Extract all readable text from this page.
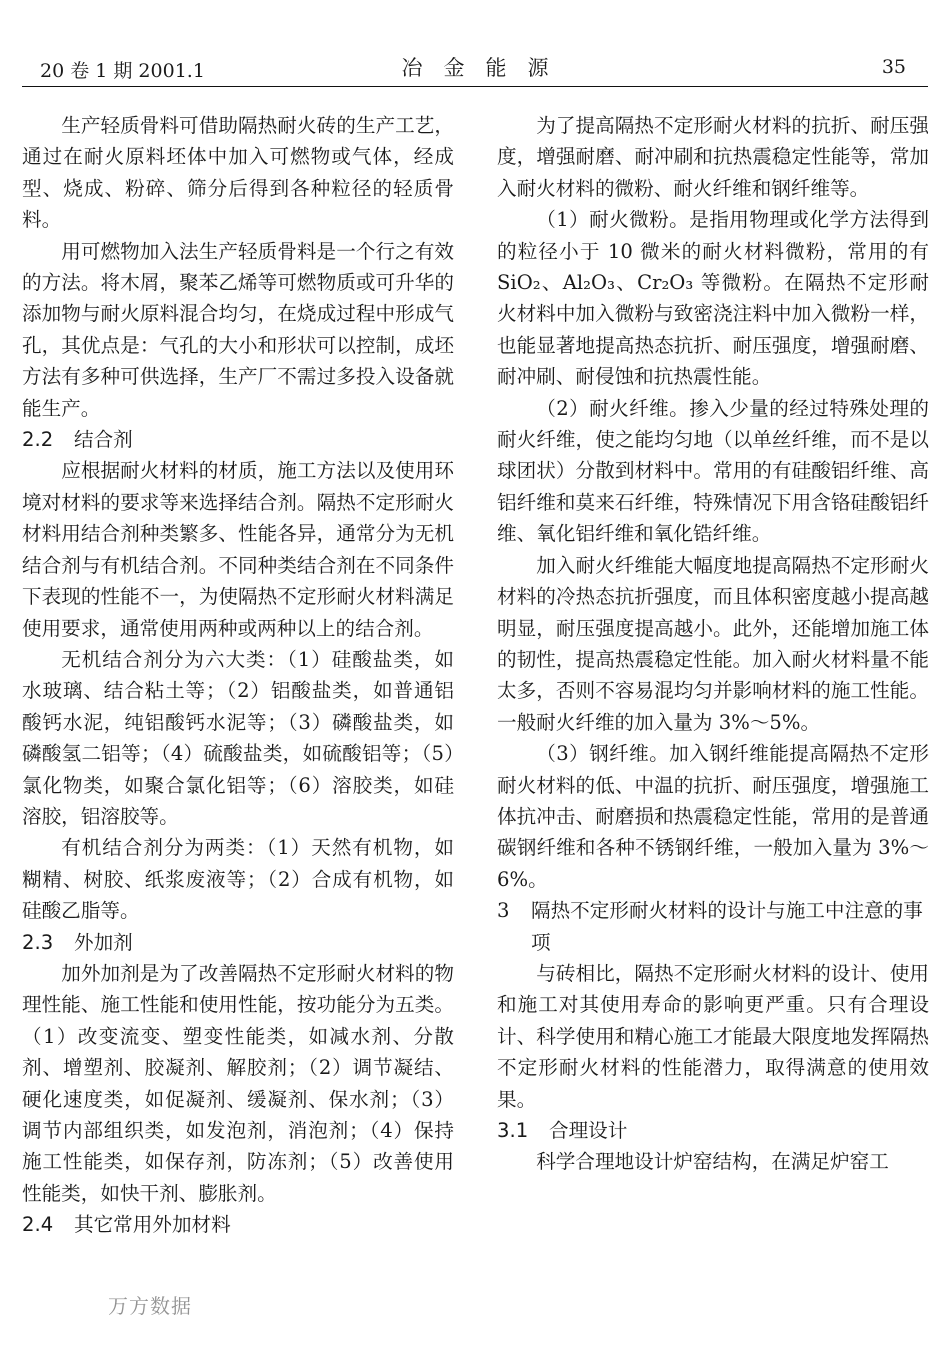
20 卷 1 期 2001.1	冶　金　能　源	35
生产轻质骨料可借助隔热耐火砖的生产工艺，通过在耐火原料坯体中加入可燃物或气体，经成型、烧成、粉碎、筛分后得到各种粒径的轻质骨料。
用可燃物加入法生产轻质骨料是一个行之有效的方法。将木屑，聚苯乙烯等可燃物质或可升华的添加物与耐火原料混合均匀，在烧成过程中形成气孔，其优点是：气孔的大小和形状可以控制，成坯方法有多种可供选择，生产厂不需过多投入设备就能生产。
2.2 结合剂
应根据耐火材料的材质，施工方法以及使用环境对材料的要求等来选择结合剂。隔热不定形耐火材料用结合剂种类繁多、性能各异，通常分为无机结合剂与有机结合剂。不同种类结合剂在不同条件下表现的性能不一，为使隔热不定形耐火材料满足使用要求，通常使用两种或两种以上的结合剂。
无机结合剂分为六大类：（1）硅酸盐类，如水玻璃、结合粘土等；（2）铝酸盐类，如普通铝酸钙水泥，纯铝酸钙水泥等；（3）磷酸盐类，如磷酸氢二铝等；（4）硫酸盐类，如硫酸铝等；（5）氯化物类，如聚合氯化铝等；（6）溶胶类，如硅溶胶，铝溶胶等。
有机结合剂分为两类：（1）天然有机物，如糊精、树胶、纸浆废液等；（2）合成有机物，如硅酸乙脂等。
2.3 外加剂
加外加剂是为了改善隔热不定形耐火材料的物理性能、施工性能和使用性能，按功能分为五类。（1）改变流变、塑变性能类，如减水剂、分散剂、增塑剂、胶凝剂、解胶剂；（2）调节凝结、硬化速度类，如促凝剂、缓凝剂、保水剂；（3）调节内部组织类，如发泡剂，消泡剂；（4）保持施工性能类，如保存剂，防冻剂；（5）改善使用性能类，如快干剂、膨胀剂。
2.4 其它常用外加材料
为了提高隔热不定形耐火材料的抗折、耐压强度，增强耐磨、耐冲刷和抗热震稳定性能等，常加入耐火材料的微粉、耐火纤维和钢纤维等。
（1）耐火微粉。是指用物理或化学方法得到的粒径小于 10 微米的耐火材料微粉，常用的有 SiO₂、Al₂O₃、Cr₂O₃ 等微粉。在隔热不定形耐火材料中加入微粉与致密浇注料中加入微粉一样，也能显著地提高热态抗折、耐压强度，增强耐磨、耐冲刷、耐侵蚀和抗热震性能。
（2）耐火纤维。掺入少量的经过特殊处理的耐火纤维，使之能均匀地（以单丝纤维，而不是以球团状）分散到材料中。常用的有硅酸铝纤维、高铝纤维和莫来石纤维，特殊情况下用含铬硅酸铝纤维、氧化铝纤维和氧化锆纤维。
加入耐火纤维能大幅度地提高隔热不定形耐火材料的冷热态抗折强度，而且体积密度越小提高越明显，耐压强度提高越小。此外，还能增加施工体的韧性，提高热震稳定性能。加入耐火材料量不能太多，否则不容易混均匀并影响材料的施工性能。一般耐火纤维的加入量为 3%～5%。
（3）钢纤维。加入钢纤维能提高隔热不定形耐火材料的低、中温的抗折、耐压强度，增强施工体抗冲击、耐磨损和热震稳定性能，常用的是普通碳钢纤维和各种不锈钢纤维，一般加入量为 3%～6%。
3 隔热不定形耐火材料的设计与施工中注意的事项
与砖相比，隔热不定形耐火材料的设计、使用和施工对其使用寿命的影响更严重。只有合理设计、科学使用和精心施工才能最大限度地发挥隔热不定形耐火材料的性能潜力，取得满意的使用效果。
3.1 合理设计
科学合理地设计炉窑结构，在满足炉窑工
万方数据
